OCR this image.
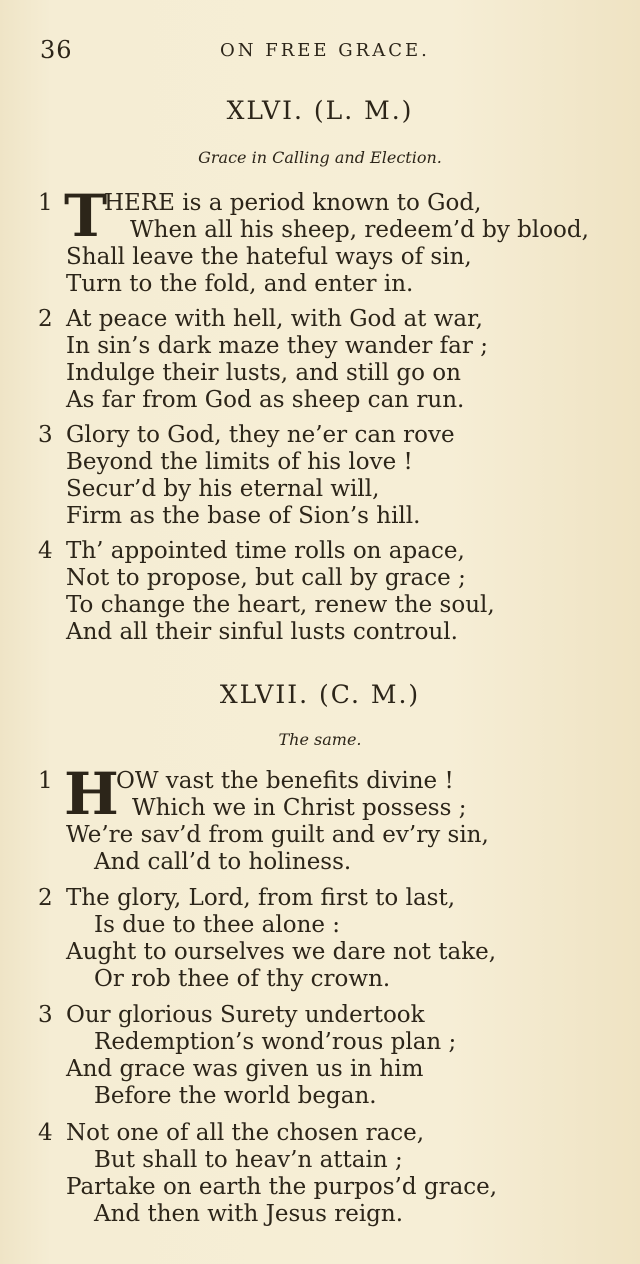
36	ON FREE GRACE.
XLVI. (L. M.)
Grace in Calling and Election.
1 T
HERE is a period known to God,
When all his sheep, redeem’d by blood,
Shall leave the hateful ways of sin,
Turn to the fold, and enter in.
2 At peace with hell, with God at war,
In sin’s dark maze they wander far ;
Indulge their lusts, and still go on
As far from God as sheep can run.
3 Glory to God, they ne’er can rove
Beyond the limits of his love !
Secur’d by his eternal will,
Firm as the base of Sion’s hill.
4 Th’ appointed time rolls on apace,
Not to propose, but call by grace ;
To change the heart, renew the soul,
And all their sinful lusts controul.
XLVII. (C. M.)
The same.
1 H
OW vast the benefits divine !
Which we in Christ possess ;
We’re sav’d from guilt and ev’ry sin,
And call’d to holiness.
2 The glory, Lord, from first to last,
Is due to thee alone :
Aught to ourselves we dare not take,
Or rob thee of thy crown.
3 Our glorious Surety undertook
Redemption’s wond’rous plan ;
And grace was given us in him
Before the world began.
4 Not one of all the chosen race,
But shall to heav’n attain ;
Partake on earth the purpos’d grace,
And then with Jesus reign.
